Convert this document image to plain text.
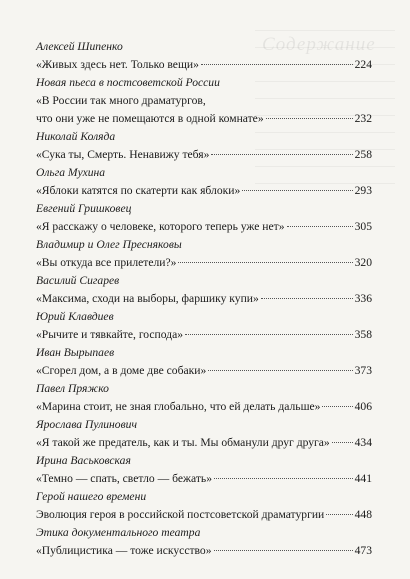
Содержание
Алексей Шипенко
«Живых здесь нет. Только вещи»	224
Новая пьеса в постсоветской России
«В России так много драматургов,
что они уже не помещаются в одной комнате»	232
Николай Коляда
«Сука ты, Смерть. Ненавижу тебя»	258
Ольга Мухина
«Яблоки катятся по скатерти как яблоки»	293
Евгений Гришковец
«Я расскажу о человеке, которого теперь уже нет»	305
Владимир и Олег Пресняковы
«Вы откуда все прилетели?»	320
Василий Сигарев
«Максима, сходи на выборы, фаршику купи»	336
Юрий Клавдиев
«Рычите и тявкайте, господа»	358
Иван Вырыпаев
«Сгорел дом, а в доме две собаки»	373
Павел Пряжко
«Марина стоит, не зная глобально, что ей делать дальше»	406
Ярослава Пулинович
«Я такой же предатель, как и ты. Мы обманули друг друга» 434
Ирина Васьковская
«Темно — спать, светло — бежать»	441
Герой нашего времени
Эволюция героя в российской постсоветской драматургии	448
Этика документального театра
«Публицистика — тоже искусство»	473
